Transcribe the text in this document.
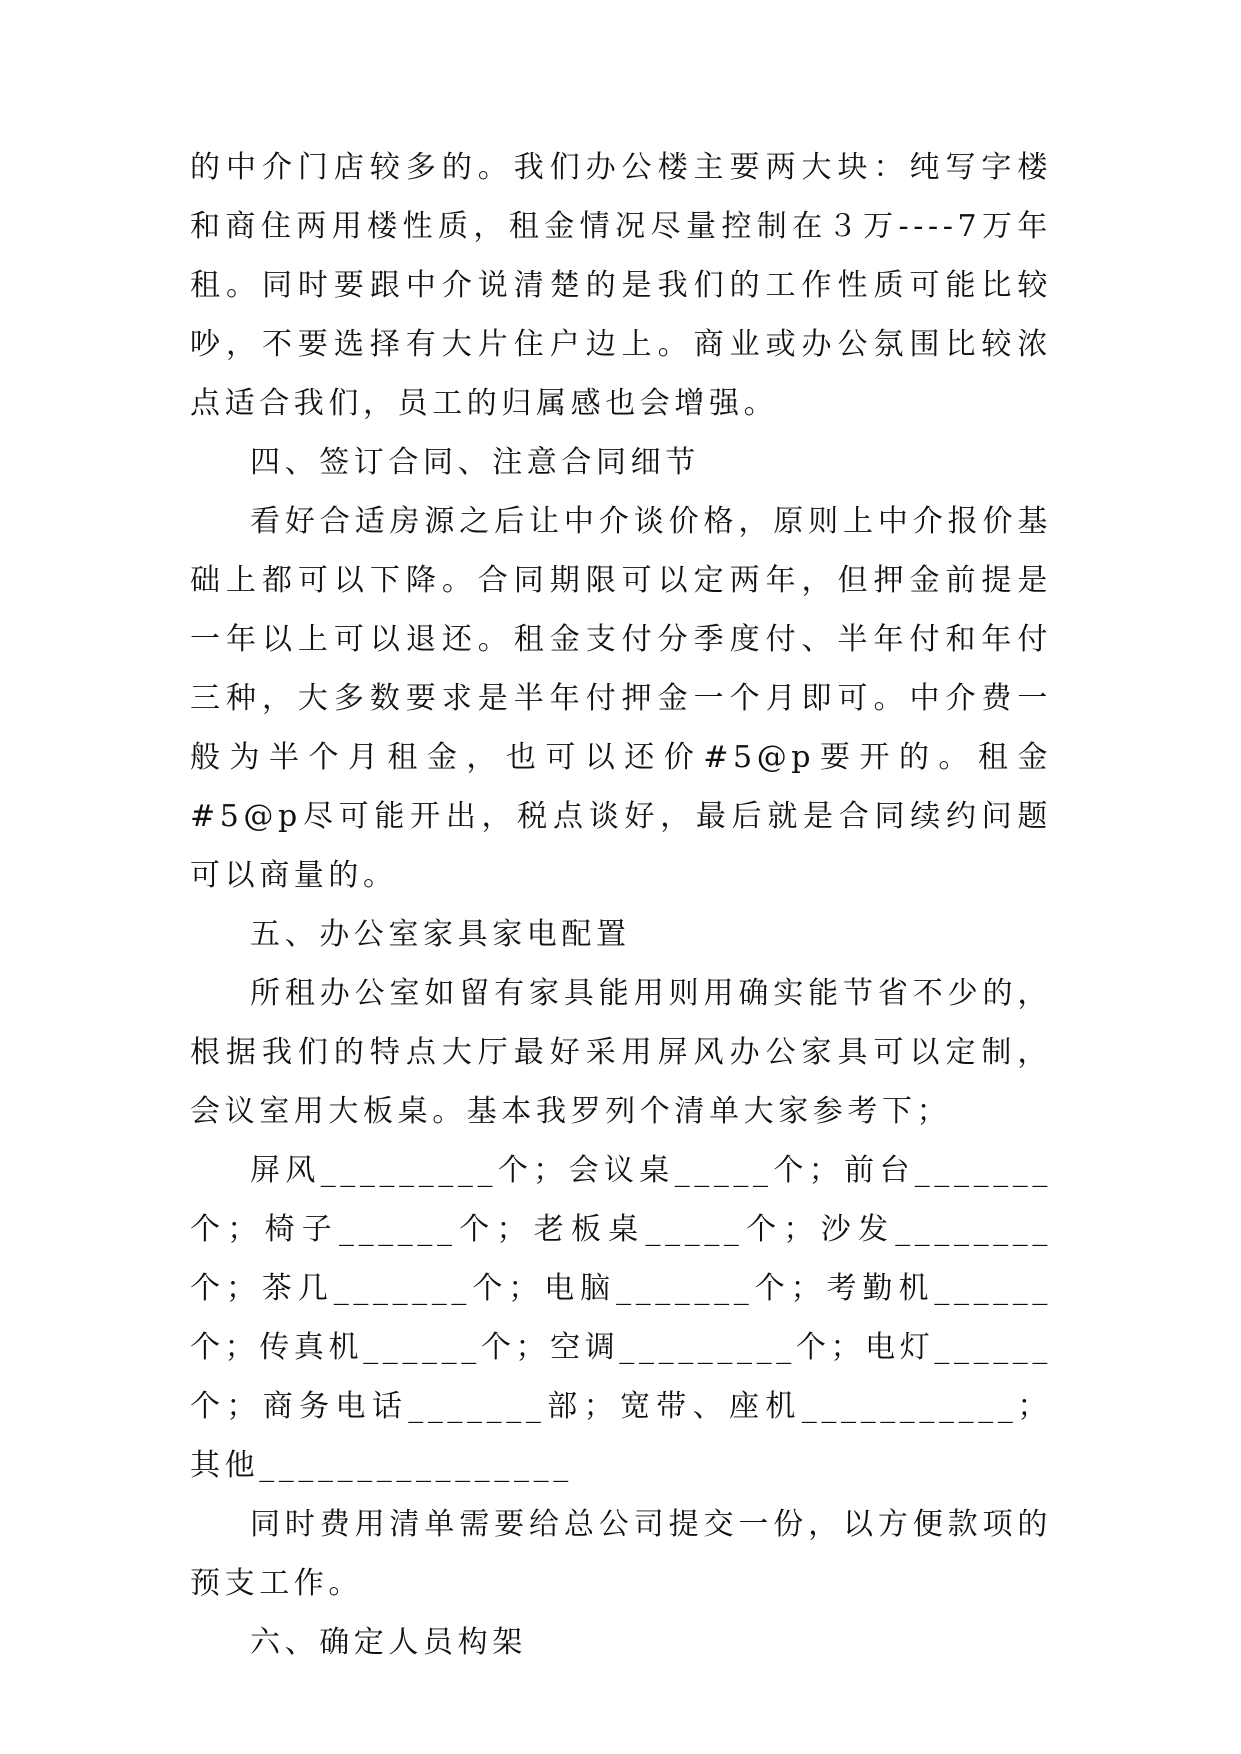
的中介门店较多的。我们办公楼主要两大块：纯写字楼和商住两用楼性质，租金情况尽量控制在３万----7万年租。同时要跟中介说清楚的是我们的工作性质可能比较吵，不要选择有大片住户边上。商业或办公氛围比较浓点适合我们，员工的归属感也会增强。

四、签订合同、注意合同细节

看好合适房源之后让中介谈价格，原则上中介报价基础上都可以下降。合同期限可以定两年，但押金前提是一年以上可以退还。租金支付分季度付、半年付和年付三种，大多数要求是半年付押金一个月即可。中介费一般为半个月租金，也可以还价#5@p要开的。租金#5@p尽可能开出，税点谈好，最后就是合同续约问题可以商量的。

五、办公室家具家电配置

所租办公室如留有家具能用则用确实能节省不少的，根据我们的特点大厅最好采用屏风办公家具可以定制，会议室用大板桌。基本我罗列个清单大家参考下；

屏风_________个；会议桌_____个；前台_______个；椅子______个；老板桌_____个；沙发________个；茶几_______个；电脑_______个；考勤机______个；传真机______个；空调_________个；电灯______个；商务电话_______部；宽带、座机___________；其他________________

同时费用清单需要给总公司提交一份，以方便款项的预支工作。

六、确定人员构架
